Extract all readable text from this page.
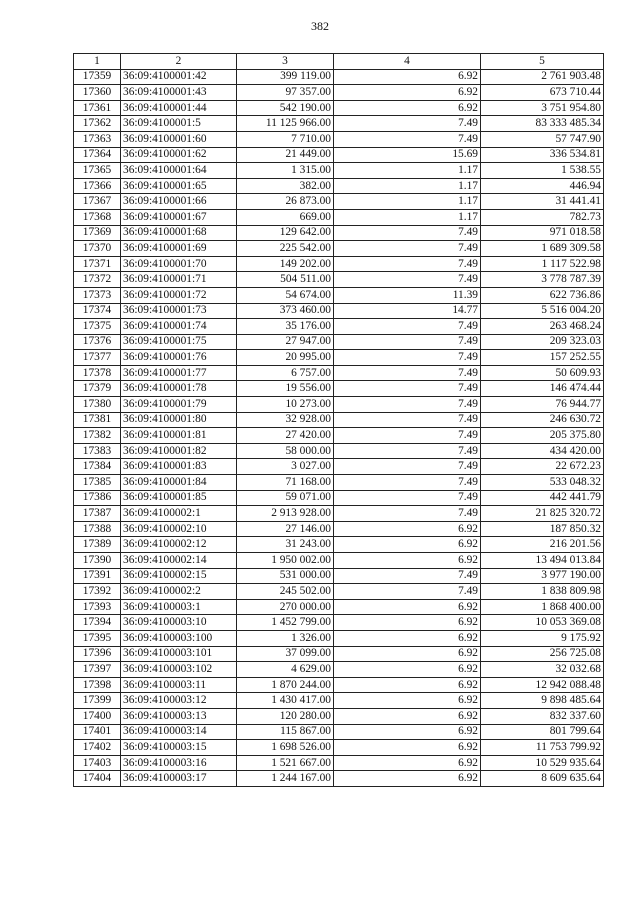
382
1	2	3	4	5
17359	36:09:4100001:42	399 119.00	6.92	2 761 903.48
17360	36:09:4100001:43	97 357.00	6.92	673 710.44
17361	36:09:4100001:44	542 190.00	6.92	3 751 954.80
17362	36:09:4100001:5	11 125 966.00	7.49	83 333 485.34
17363	36:09:4100001:60	7 710.00	7.49	57 747.90
17364	36:09:4100001:62	21 449.00	15.69	336 534.81
17365	36:09:4100001:64	1 315.00	1.17	1 538.55
17366	36:09:4100001:65	382.00	1.17	446.94
17367	36:09:4100001:66	26 873.00	1.17	31 441.41
17368	36:09:4100001:67	669.00	1.17	782.73
17369	36:09:4100001:68	129 642.00	7.49	971 018.58
17370	36:09:4100001:69	225 542.00	7.49	1 689 309.58
17371	36:09:4100001:70	149 202.00	7.49	1 117 522.98
17372	36:09:4100001:71	504 511.00	7.49	3 778 787.39
17373	36:09:4100001:72	54 674.00	11.39	622 736.86
17374	36:09:4100001:73	373 460.00	14.77	5 516 004.20
17375	36:09:4100001:74	35 176.00	7.49	263 468.24
17376	36:09:4100001:75	27 947.00	7.49	209 323.03
17377	36:09:4100001:76	20 995.00	7.49	157 252.55
17378	36:09:4100001:77	6 757.00	7.49	50 609.93
17379	36:09:4100001:78	19 556.00	7.49	146 474.44
17380	36:09:4100001:79	10 273.00	7.49	76 944.77
17381	36:09:4100001:80	32 928.00	7.49	246 630.72
17382	36:09:4100001:81	27 420.00	7.49	205 375.80
17383	36:09:4100001:82	58 000.00	7.49	434 420.00
17384	36:09:4100001:83	3 027.00	7.49	22 672.23
17385	36:09:4100001:84	71 168.00	7.49	533 048.32
17386	36:09:4100001:85	59 071.00	7.49	442 441.79
17387	36:09:4100002:1	2 913 928.00	7.49	21 825 320.72
17388	36:09:4100002:10	27 146.00	6.92	187 850.32
17389	36:09:4100002:12	31 243.00	6.92	216 201.56
17390	36:09:4100002:14	1 950 002.00	6.92	13 494 013.84
17391	36:09:4100002:15	531 000.00	7.49	3 977 190.00
17392	36:09:4100002:2	245 502.00	7.49	1 838 809.98
17393	36:09:4100003:1	270 000.00	6.92	1 868 400.00
17394	36:09:4100003:10	1 452 799.00	6.92	10 053 369.08
17395	36:09:4100003:100	1 326.00	6.92	9 175.92
17396	36:09:4100003:101	37 099.00	6.92	256 725.08
17397	36:09:4100003:102	4 629.00	6.92	32 032.68
17398	36:09:4100003:11	1 870 244.00	6.92	12 942 088.48
17399	36:09:4100003:12	1 430 417.00	6.92	9 898 485.64
17400	36:09:4100003:13	120 280.00	6.92	832 337.60
17401	36:09:4100003:14	115 867.00	6.92	801 799.64
17402	36:09:4100003:15	1 698 526.00	6.92	11 753 799.92
17403	36:09:4100003:16	1 521 667.00	6.92	10 529 935.64
17404	36:09:4100003:17	1 244 167.00	6.92	8 609 635.64
